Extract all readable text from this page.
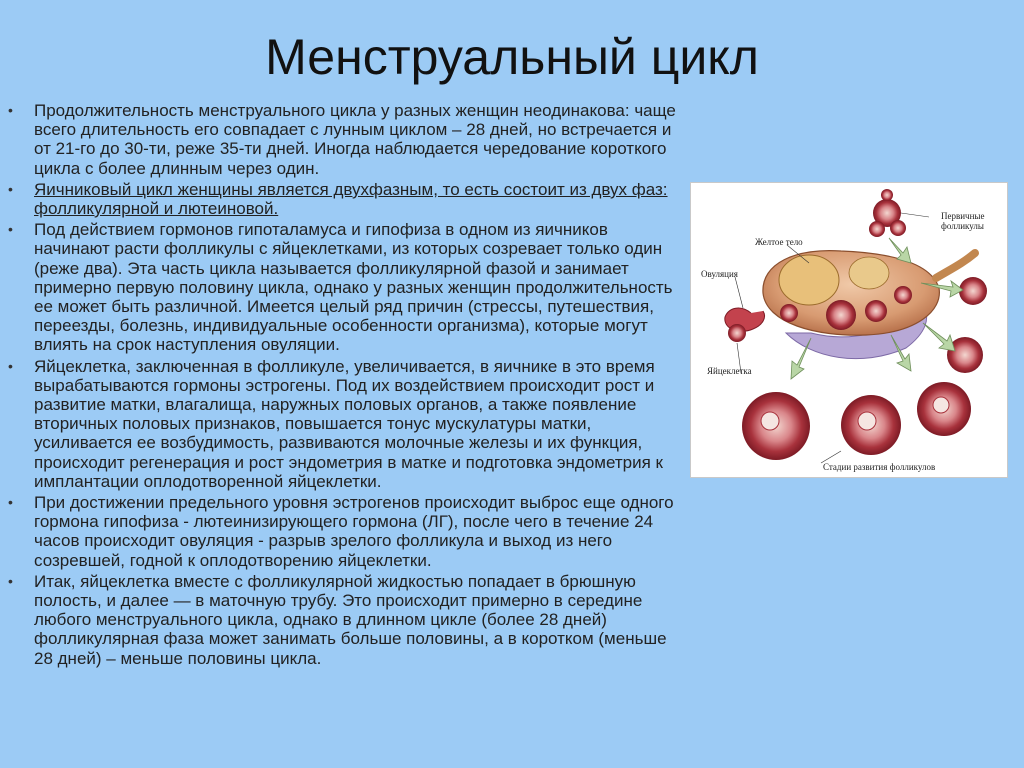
Менструальный цикл
• Продолжительность менструального цикла у разных женщин неодинакова: чаще всего длительность его совпадает с лунным циклом – 28 дней, но встречается и от 21-го до 30-ти, реже 35-ти дней. Иногда наблюдается чередование короткого цикла с более длинным через один.
• Яичниковый цикл женщины является двухфазным, то есть состоит из двух фаз: фолликулярной и лютеиновой.
• Под действием гормонов гипоталамуса и гипофиза в одном из яичников начинают расти фолликулы с яйцеклетками, из которых созревает только один (реже два). Эта часть цикла называется фолликулярной фазой и занимает примерно первую половину цикла, однако у разных женщин продолжительность ее может быть различной. Имеется целый ряд причин (стрессы, путешествия, переезды, болезнь, индивидуальные особенности организма), которые могут влиять на срок наступления овуляции.
• Яйцеклетка, заключенная в фолликуле, увеличивается, в яичнике в это время вырабатываются гормоны эстрогены. Под их воздействием происходит рост и развитие матки, влагалища, наружных половых органов, а также появление вторичных половых признаков, повышается тонус мускулатуры матки, усиливается ее возбудимость, развиваются молочные железы и их функция, происходит регенерация и рост эндометрия в матке и подготовка эндометрия к имплантации оплодотворенной яйцеклетки.
• При достижении предельного уровня эстрогенов происходит выброс еще одного гормона гипофиза - лютеинизирующего гормона (ЛГ), после чего в течение 24 часов происходит овуляция - разрыв зрелого фолликула и выход из него созревшей, годной к оплодотворению яйцеклетки.
• Итак, яйцеклетка вместе с фолликулярной жидкостью попадает в брюшную полость, и далее — в маточную трубу. Это происходит примерно в середине любого менструального цикла, однако в длинном цикле (более 28 дней) фолликулярная фаза может занимать больше половины, а в коротком (меньше 28 дней) – меньше половины цикла.
Первичные фолликулы
Желтое тело
Овуляция
Яйцеклетка
Стадии развития фолликулов
